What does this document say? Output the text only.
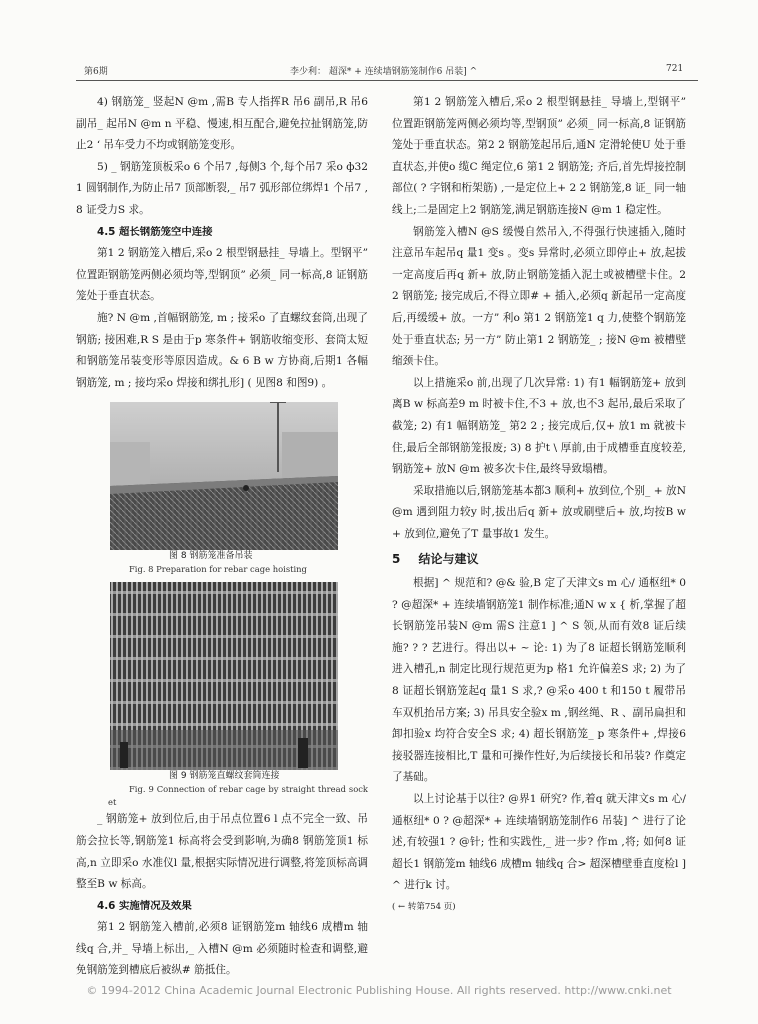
第6期	李少利： 超深* + 连续墙钢筋笼制作6 吊装] ^	721

4) 钢筋笼_ 竖起N @m ,需B 专人指挥R 吊6 副吊,R 吊6 副吊_ 起吊N @m n 平稳、慢速,相互配合,避免拉扯钢筋笼,防止2 ‘ 吊车受力不均或钢筋笼变形。

5) _ 钢筋笼顶板采o 6 个吊7 ,每侧3 个,每个吊7 采o ф32 1 圆钢制作,为防止吊7 顶部断裂,_ 吊7 弧形部位绑焊1 个吊7 ,8 证受力S 求。

4.5 超长钢筋笼空中连接

第1 2 钢筋笼入槽后,采o 2 根型钢悬挂_ 导墙上。型钢平” 位置距钢筋笼两侧必须均等,型钢顶” 必须_ 同一标高,8 证钢筋笼处于垂直状态。

施? N @m ,首幅钢筋笼, m ; 接采o 了直螺纹套筒,出现了钢筋; 接困难,R S 是由于p 寒条件+ 钢筋收缩变形、套筒太短和钢筋笼吊装变形等原因造成。& 6 B w 方协商,后期1 各幅钢筋笼, m ; 接均采o 焊接和绑扎形] ( 见图8 和图9) 。

图 8 钢筋笼准备吊装

Fig. 8 Preparation for rebar cage hoisting

图 9 钢筋笼直螺纹套筒连接

Fig. 9 Connection of rebar cage by straight thread socket

_ 钢筋笼+ 放到位后,由于吊点位置6 l 点不完全一致、吊筋会拉长等,钢筋笼1 标高将会受到影响,为确8 钢筋笼顶1 标高,n 立即采o 水准仪l 量,根据实际情况进行调整,将笼顶标高调整至B w 标高。

4.6 实施情况及效果

第1 2 钢筋笼入槽前,必须8 证钢筋笼m 轴线6 成槽m 轴线q 合,并_ 导墙上标出,_ 入槽N @m 必须随时检查和调整,避免钢筋笼到槽底后被纵# 筋抵住。

第1 2 钢筋笼入槽后,采o 2 根型钢悬挂_ 导墙上,型钢平” 位置距钢筋笼两侧必须均等,型钢顶” 必须_ 同一标高,8 证钢筋笼处于垂直状态。第2 2 钢筋笼起吊后,通N 定滑轮使U 处于垂直状态,并使o 缆C 绳定位,6 第1 2 钢筋笼; 齐后,首先焊接控制部位( ? 字钢和桁架筋) ,一是定位上+ 2 2 钢筋笼,8 证_ 同一轴线上;二是固定上2 钢筋笼,满足钢筋连接N @m 1 稳定性。

钢筋笼入槽N @S 缓慢自然吊入,不得强行快速插入,随时注意吊车起吊q 量1 变s 。变s 异常时,必须立即停止+ 放,起拔一定高度后再q 新+ 放,防止钢筋笼插入泥土或被槽壁卡住。2 2 钢筋笼; 接完成后,不得立即# + 插入,必须q 新起吊一定高度后,再缓缓+ 放。一方” 利o 第1 2 钢筋笼1 q 力,使整个钢筋笼处于垂直状态; 另一方” 防止第1 2 钢筋笼_ ; 接N @m 被槽壁缩颈卡住。

以上措施采o 前,出现了几次异常: 1) 有1 幅钢筋笼+ 放到离B w 标高差9 m 时被卡住,不3 + 放,也不3 起吊,最后采取了截笼; 2) 有1 幅钢筋笼_ 第2 2 ; 接完成后,仅+ 放1 m 就被卡住,最后全部钢筋笼报废; 3) 8 护t \ 厚前,由于成槽垂直度较差,钢筋笼+ 放N @m 被多次卡住,最终导致塌槽。

采取措施以后,钢筋笼基本都3 顺利+ 放到位,个别_ + 放N @m 遇到阻力较y 时,拔出后q 新+ 放或刷壁后+ 放,均按B w + 放到位,避免了T 量事故1 发生。

5 结论与建议

根据] ^ 规范和? @& 验,B 定了天津文s m 心/ 通枢纽* 0 ? @超深* + 连续墙钢筋笼1 制作标准;通N w x { 析,掌握了超长钢筋笼吊装N @m 需S 注意1 ] ^ S 领,从而有效8 证后续施? ? ? 艺进行。得出以+ ~ 论: 1) 为了8 证超长钢筋笼顺利进入槽孔,n 制定比现行规范更为p 格1 允许偏差S 求; 2) 为了8 证超长钢筋笼起q 量1 S 求,? @采o 400 t 和150 t 履带吊车双机抬吊方案; 3) 吊具安全验x m ,钢丝绳、R 、副吊扁担和卸扣验x 均符合安全S 求; 4) 超长钢筋笼_ p 寒条件+ ,焊接6 接驳器连接相比,T 量和可操作性好,为后续接长和吊装? 作奠定了基础。

以上讨论基于以往? @界1 研究? 作,着q 就天津文s m 心/ 通枢纽* 0 ? @超深* + 连续墙钢筋笼制作6 吊装] ^ 进行了论述,有较强1 ? @针; 性和实践性,_ 进一步? 作m ,将; 如何8 证超长1 钢筋笼m 轴线6 成槽m 轴线q 合> 超深槽壁垂直度检l ] ^ 进行k 讨。

( ← 转第754 页)

© 1994-2012 China Academic Journal Electronic Publishing House. All rights reserved. http://www.cnki.net
